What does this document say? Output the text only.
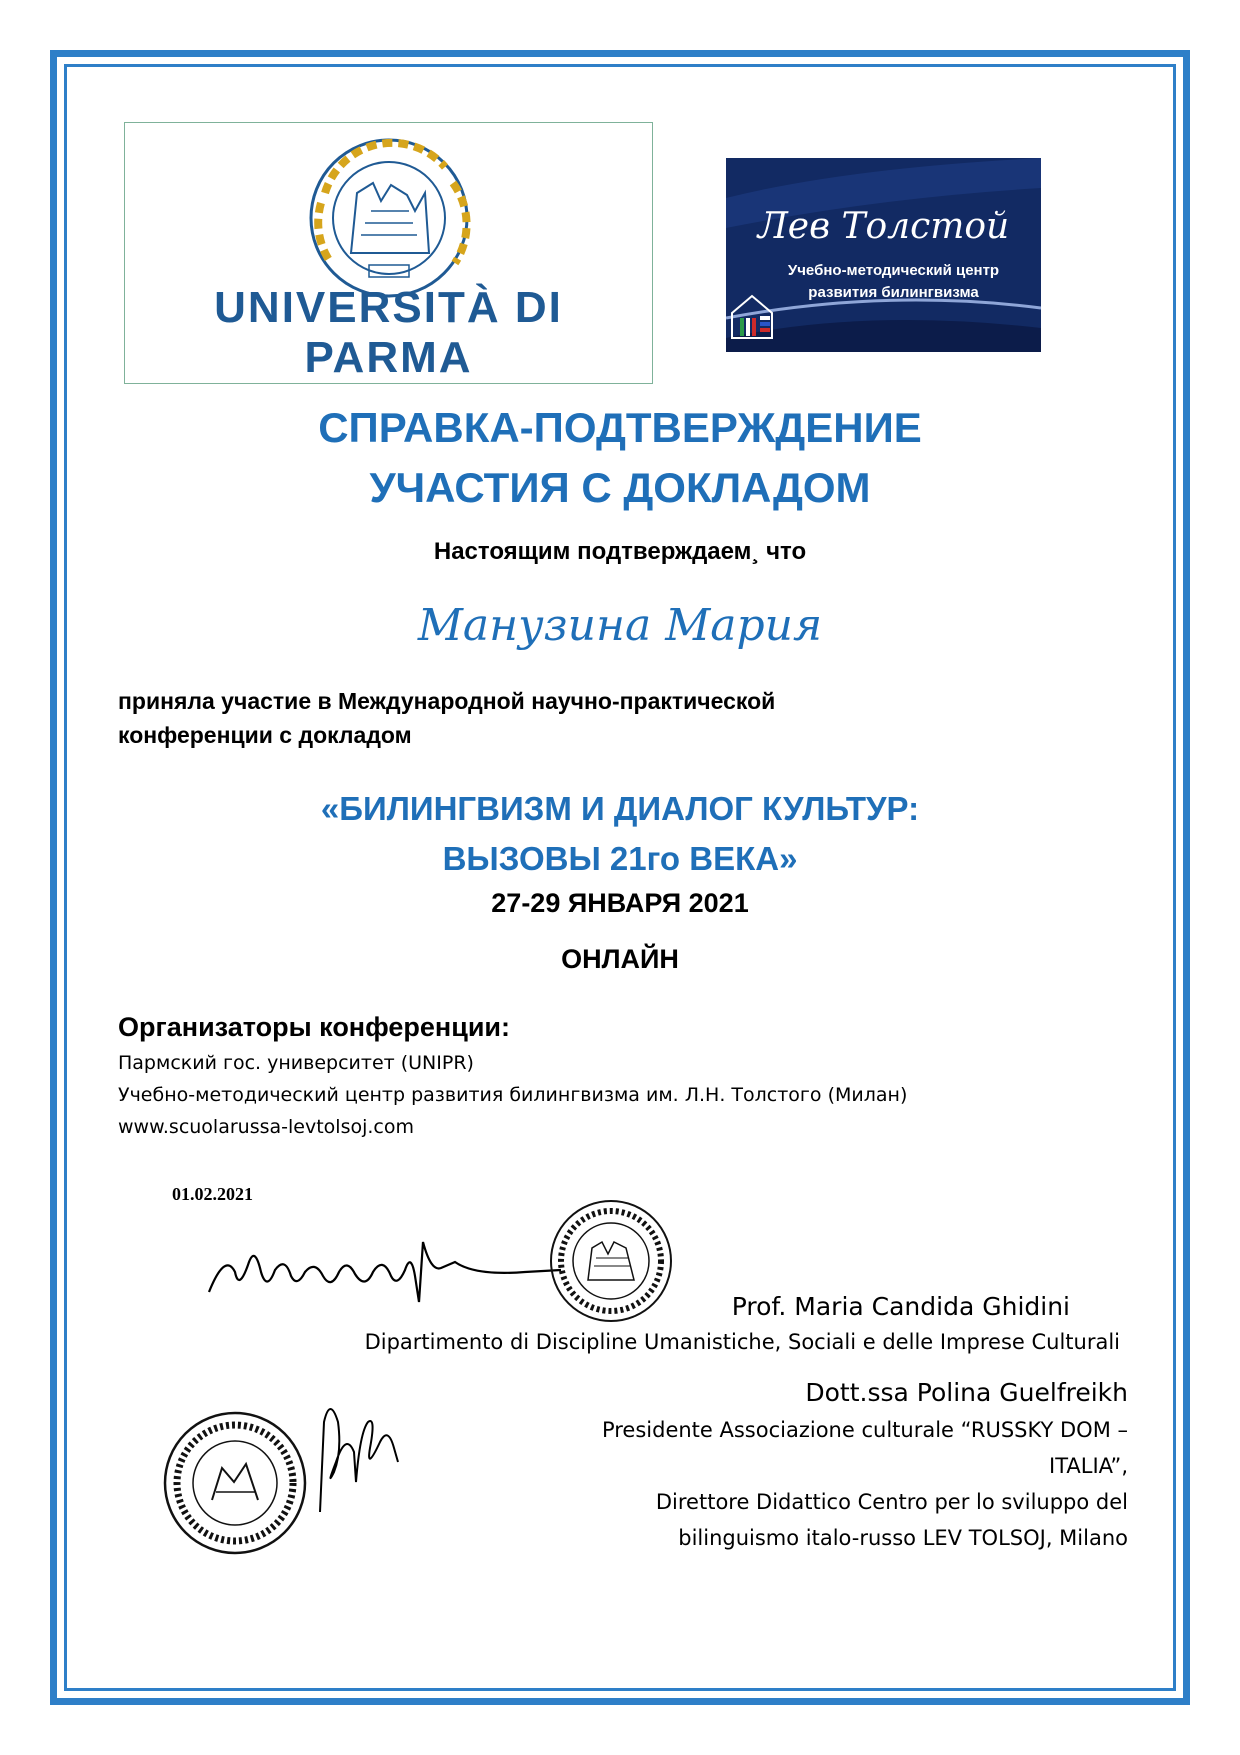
UNIVERSITÀ DI PARMA
Лев Толстой
Учебно-методический центр
развития билингвизма
СПРАВКА-ПОДТВЕРЖДЕНИЕ
УЧАСТИЯ С ДОКЛАДОМ
Настоящим подтверждаем¸ что
Манузина Мария
приняла участие в Международной научно-практической
конференции с докладом
«БИЛИНГВИЗМ И ДИАЛОГ КУЛЬТУР:
ВЫЗОВЫ 21го ВЕКА»
27-29 ЯНВАРЯ 2021
ОНЛАЙН
Организаторы конференции:
Пармский гос. университет (UNIPR)
Учебно-методический центр развития билингвизма им. Л.Н. Толстого (Милан)
www.scuolarussa-levtolsoj.com
01.02.2021
Prof. Maria Candida Ghidini
Dipartimento di Discipline Umanistiche, Sociali e delle Imprese Culturali
Dott.ssa Polina Guelfreikh
Presidente Associazione culturale “RUSSKY DOM –
ITALIA”,
Direttore Didattico Centro per lo sviluppo del
bilinguismo italo-russo LEV TOLSOJ, Milano
